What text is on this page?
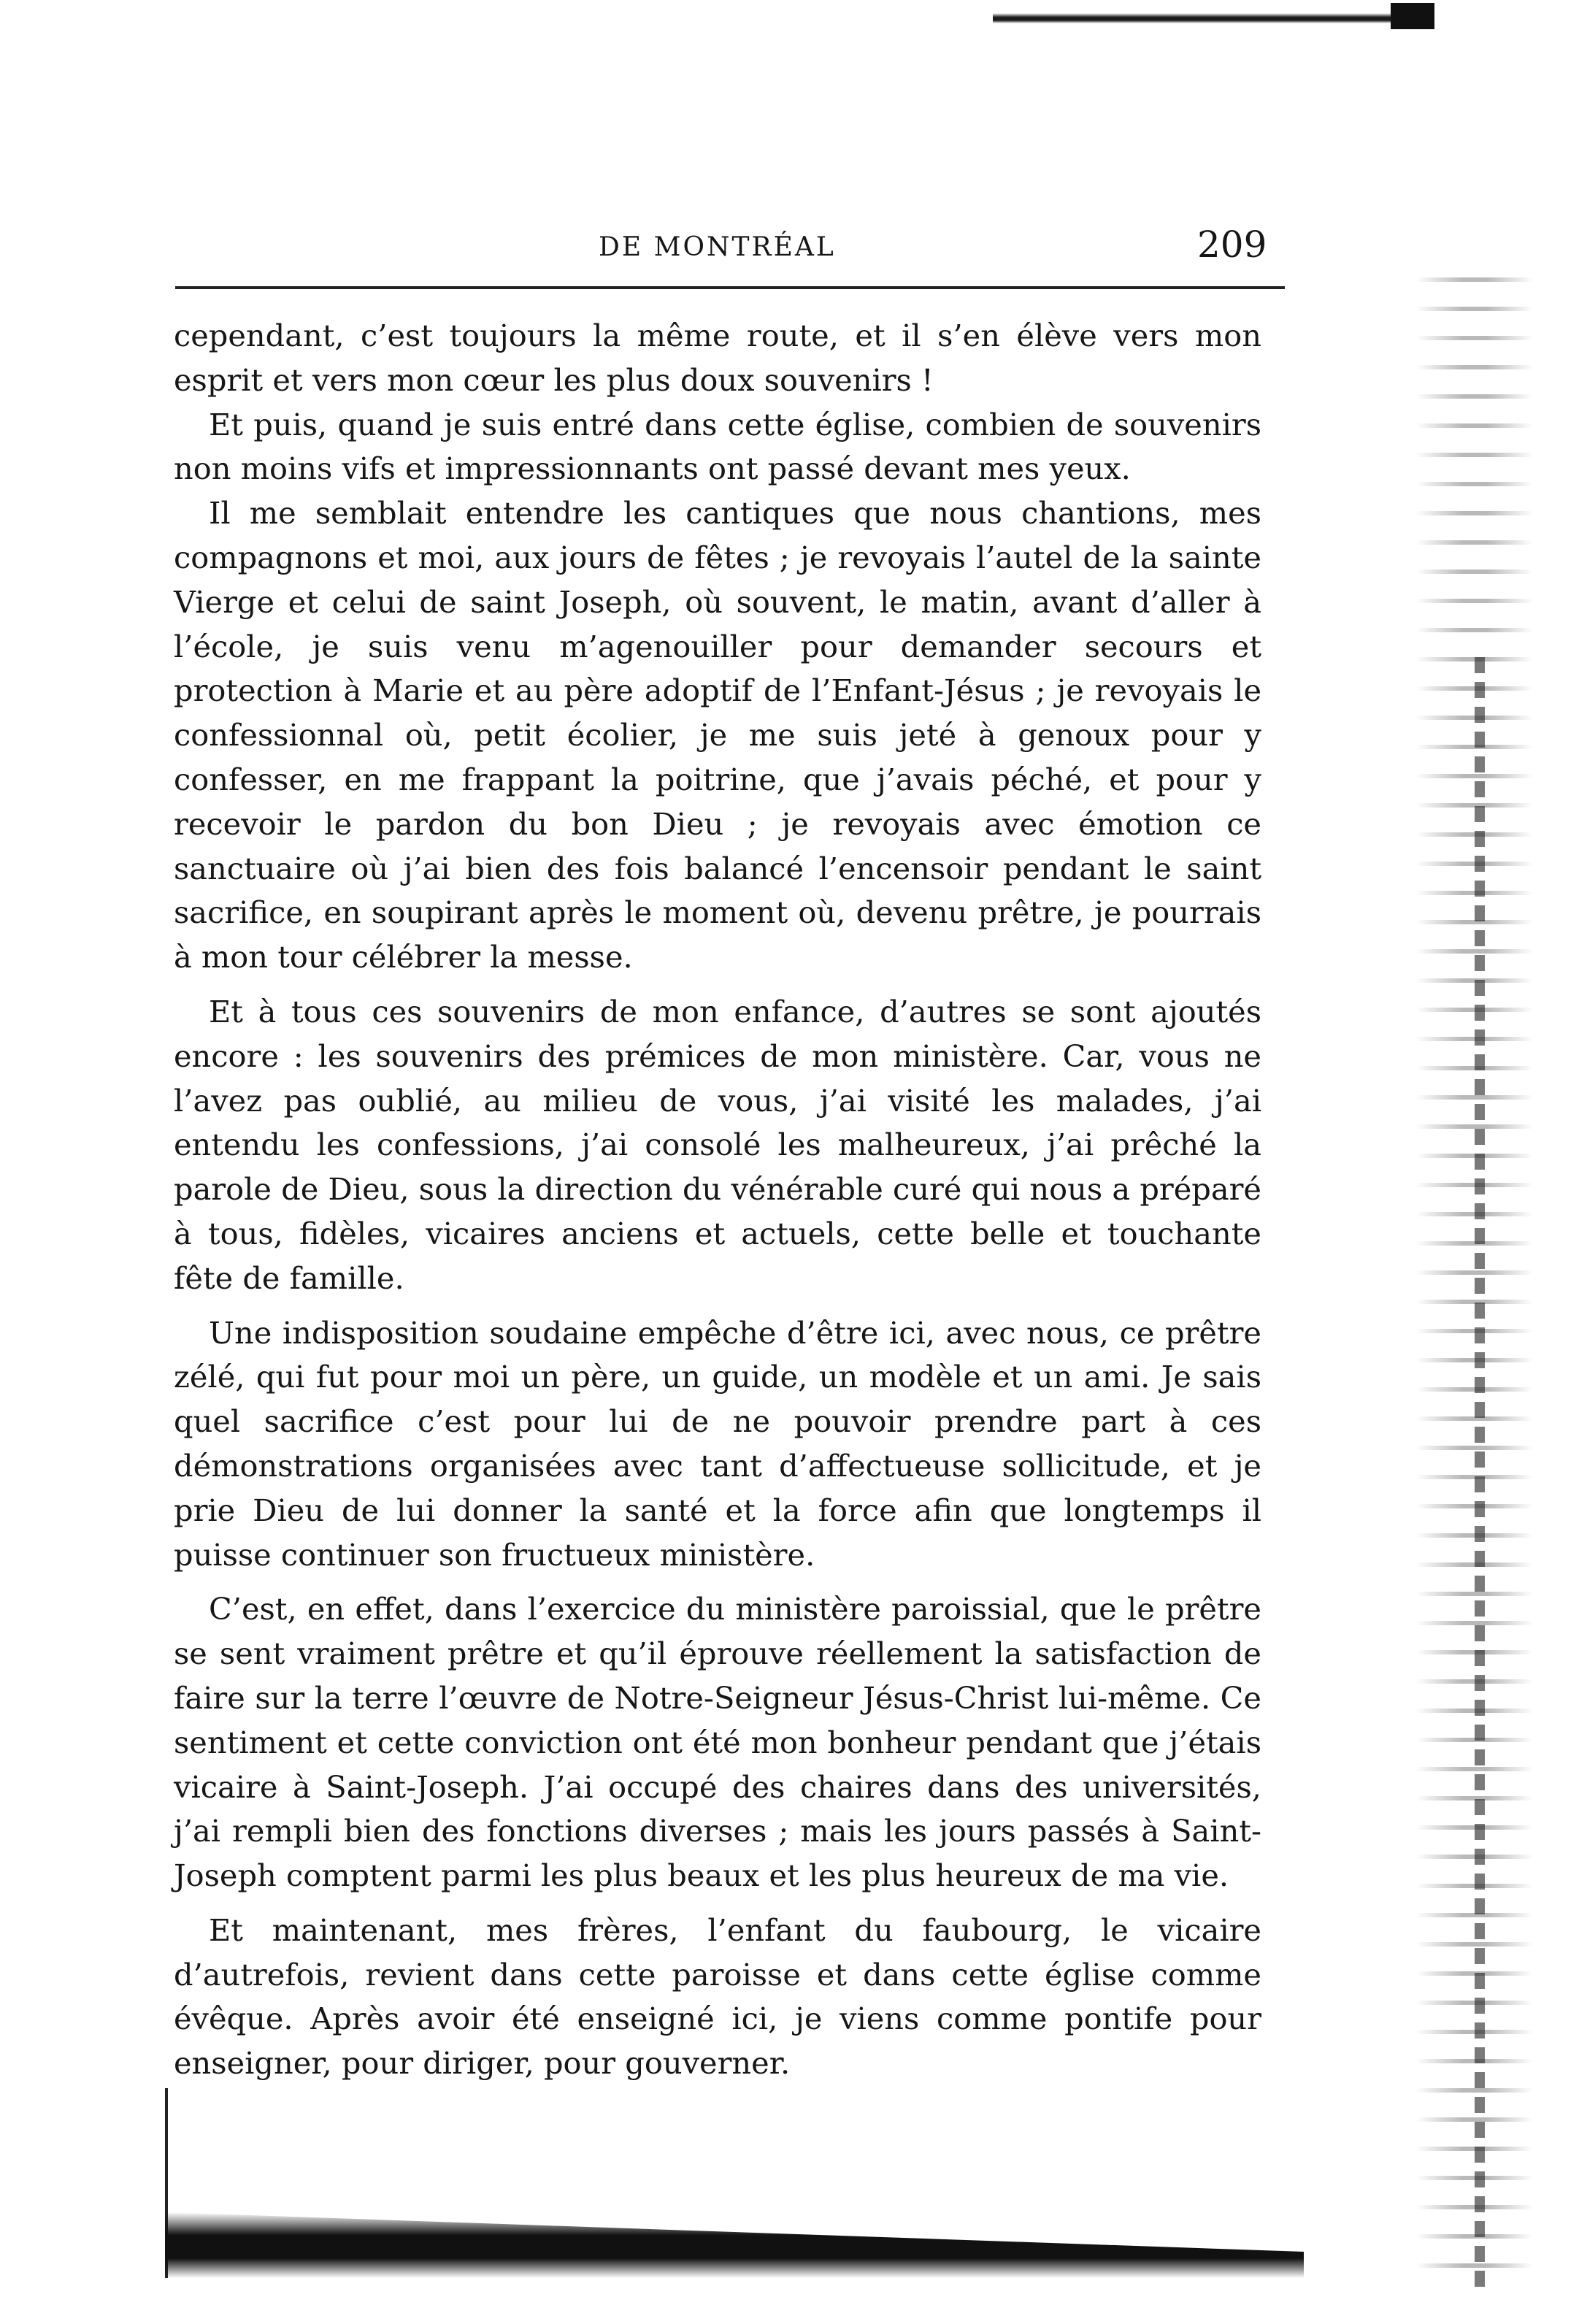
DE MONTRÉAL	209

cependant, c’est toujours la même route, et il s’en élève vers mon esprit et vers mon cœur les plus doux souvenirs !

Et puis, quand je suis entré dans cette église, combien de souvenirs non moins vifs et impressionnants ont passé devant mes yeux.

Il me semblait entendre les cantiques que nous chantions, mes compagnons et moi, aux jours de fêtes ; je revoyais l’autel de la sainte Vierge et celui de saint Joseph, où souvent, le matin, avant d’aller à l’école, je suis venu m’agenouiller pour demander secours et protection à Marie et au père adoptif de l’Enfant-Jésus ; je revoyais le confessionnal où, petit écolier, je me suis jeté à genoux pour y confesser, en me frappant la poitrine, que j’avais péché, et pour y recevoir le pardon du bon Dieu ; je revoyais avec émotion ce sanctuaire où j’ai bien des fois balancé l’encensoir pendant le saint sacrifice, en soupirant après le moment où, devenu prêtre, je pourrais à mon tour célébrer la messe.

Et à tous ces souvenirs de mon enfance, d’autres se sont ajoutés encore : les souvenirs des prémices de mon ministère. Car, vous ne l’avez pas oublié, au milieu de vous, j’ai visité les malades, j’ai entendu les confessions, j’ai consolé les malheureux, j’ai prêché la parole de Dieu, sous la direction du vénérable curé qui nous a préparé à tous, fidèles, vicaires anciens et actuels, cette belle et touchante fête de famille.

Une indisposition soudaine empêche d’être ici, avec nous, ce prêtre zélé, qui fut pour moi un père, un guide, un modèle et un ami. Je sais quel sacrifice c’est pour lui de ne pouvoir prendre part à ces démonstrations organisées avec tant d’affectueuse sollicitude, et je prie Dieu de lui donner la santé et la force afin que longtemps il puisse continuer son fructueux ministère.

C’est, en effet, dans l’exercice du ministère paroissial, que le prêtre se sent vraiment prêtre et qu’il éprouve réellement la satisfaction de faire sur la terre l’œuvre de Notre-Seigneur Jésus-Christ lui-même. Ce sentiment et cette conviction ont été mon bonheur pendant que j’étais vicaire à Saint-Joseph. J’ai occupé des chaires dans des universités, j’ai rempli bien des fonctions diverses ; mais les jours passés à Saint-Joseph comptent parmi les plus beaux et les plus heureux de ma vie.

Et maintenant, mes frères, l’enfant du faubourg, le vicaire d’autrefois, revient dans cette paroisse et dans cette église comme évêque. Après avoir été enseigné ici, je viens comme pontife pour enseigner, pour diriger, pour gouverner.
